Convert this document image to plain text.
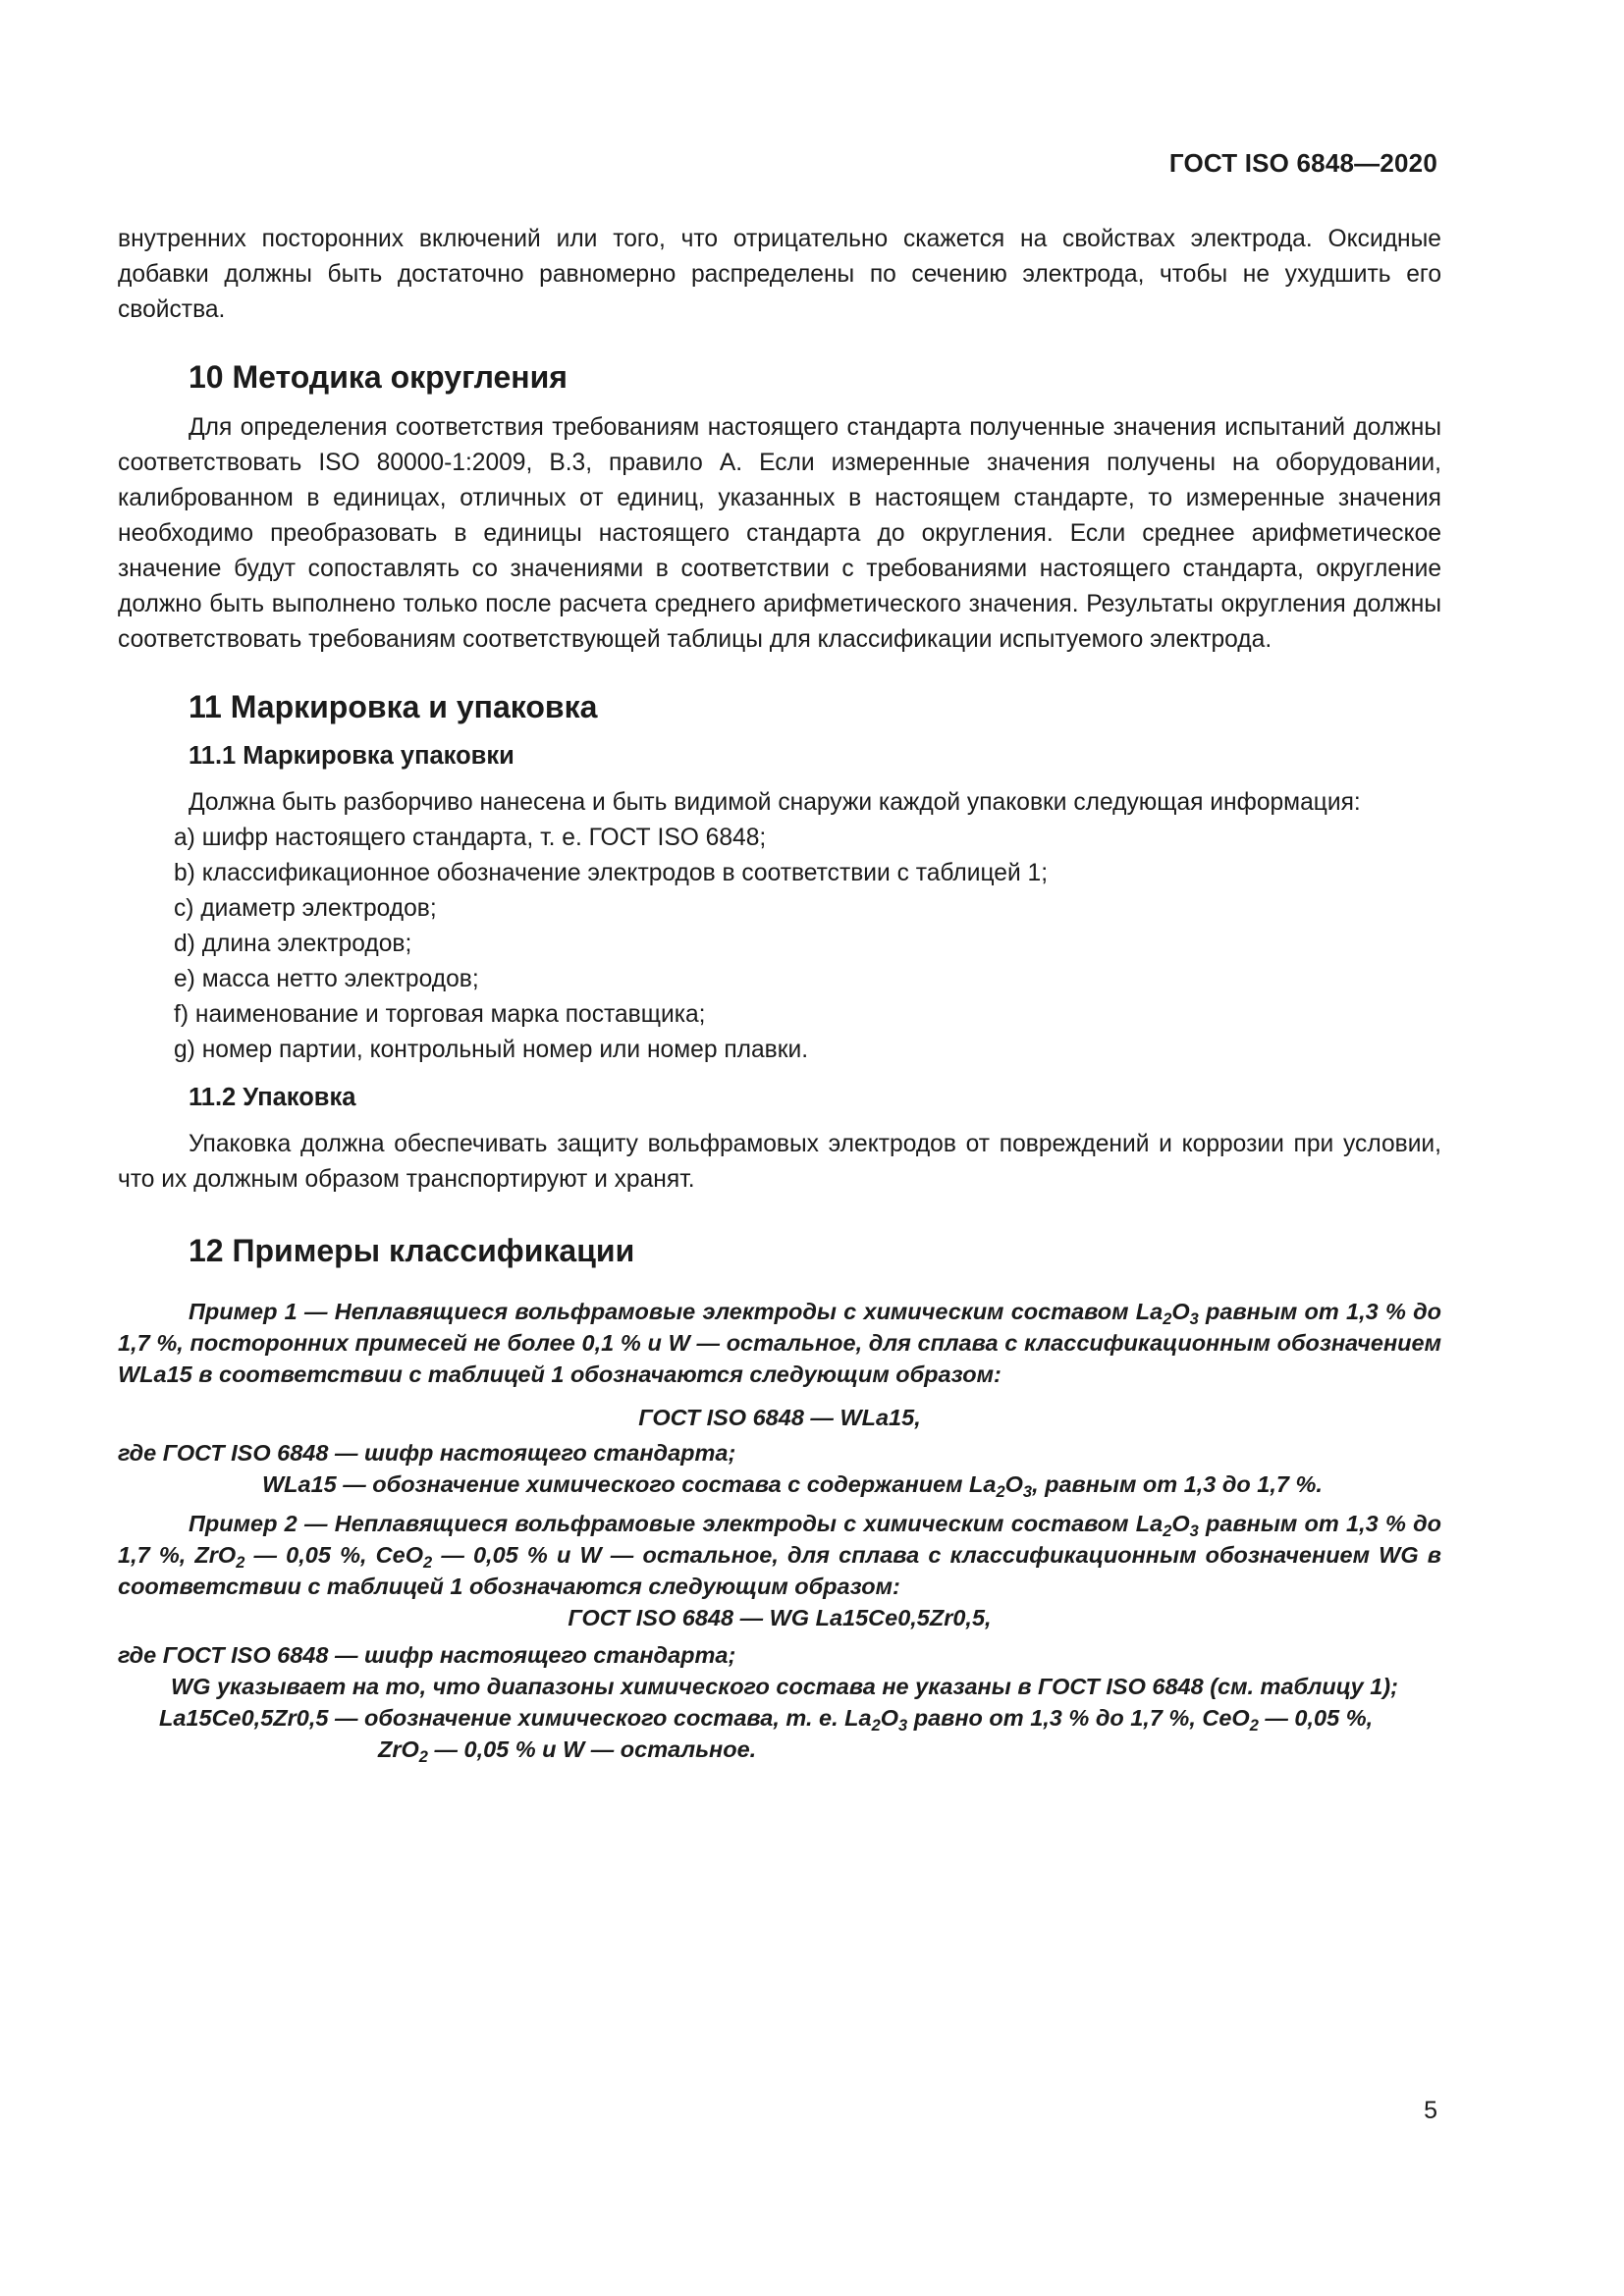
ГОСТ ISO 6848—2020

внутренних посторонних включений или того, что отрицательно скажется на свойствах электрода. Оксидные добавки должны быть достаточно равномерно распределены по сечению электрода, чтобы не ухудшить его свойства.

10 Методика округления

Для определения соответствия требованиям настоящего стандарта полученные значения испытаний должны соответствовать ISO 80000-1:2009, B.3, правило А. Если измеренные значения получены на оборудовании, калиброванном в единицах, отличных от единиц, указанных в настоящем стандарте, то измеренные значения необходимо преобразовать в единицы настоящего стандарта до округления. Если среднее арифметическое значение будут сопоставлять со значениями в соответствии с требованиями настоящего стандарта, округление должно быть выполнено только после расчета среднего арифметического значения. Результаты округления должны соответствовать требованиям соответствующей таблицы для классификации испытуемого электрода.

11 Маркировка и упаковка
11.1 Маркировка упаковки

Должна быть разборчиво нанесена и быть видимой снаружи каждой упаковки следующая информация:

a) шифр настоящего стандарта, т. е. ГОСТ ISO 6848;
b) классификационное обозначение электродов в соответствии с таблицей 1;
c) диаметр электродов;
d) длина электродов;
e) масса нетто электродов;
f) наименование и торговая марка поставщика;
g) номер партии, контрольный номер или номер плавки.
11.2 Упаковка

Упаковка должна обеспечивать защиту вольфрамовых электродов от повреждений и коррозии при условии, что их должным образом транспортируют и хранят.

12 Примеры классификации

Пример 1 — Неплавящиеся вольфрамовые электроды с химическим составом $La_2O_3$ равным от 1,3 % до 1,7 %, посторонних примесей не более 0,1 % и W — остальное, для сплава с классификационным обозначением WLa15 в соответствии с таблицей 1 обозначаются следующим образом:

ГОСТ ISO 6848 — WLa15,

где ГОСТ ISO 6848 — шифр настоящего стандарта;

WLa15 — обозначение химического состава с содержанием $La_2O_3$, равным от 1,3 до 1,7 %.

Пример 2 — Неплавящиеся вольфрамовые электроды с химическим составом $La_2O_3$ равным от 1,3 % до 1,7 %, ZrO$_2$ — 0,05 %, CeO$_2$ — 0,05 % и W — остальное, для сплава с классификационным обозначением WG в соответствии с таблицей 1 обозначаются следующим образом:

ГОСТ ISO 6848 — WG La15Ce0,5Zr0,5,

где ГОСТ ISO 6848 — шифр настоящего стандарта;

WG указывает на то, что диапазоны химического состава не указаны в ГОСТ ISO 6848 (см. таблицу 1);

La15Ce0,5Zr0,5 — обозначение химического состава, т. е. $La_2O_3$ равно от 1,3 % до 1,7 %, CeO$_2$ — 0,05 %,

ZrO$_2$ — 0,05 % и W — остальное.

5
